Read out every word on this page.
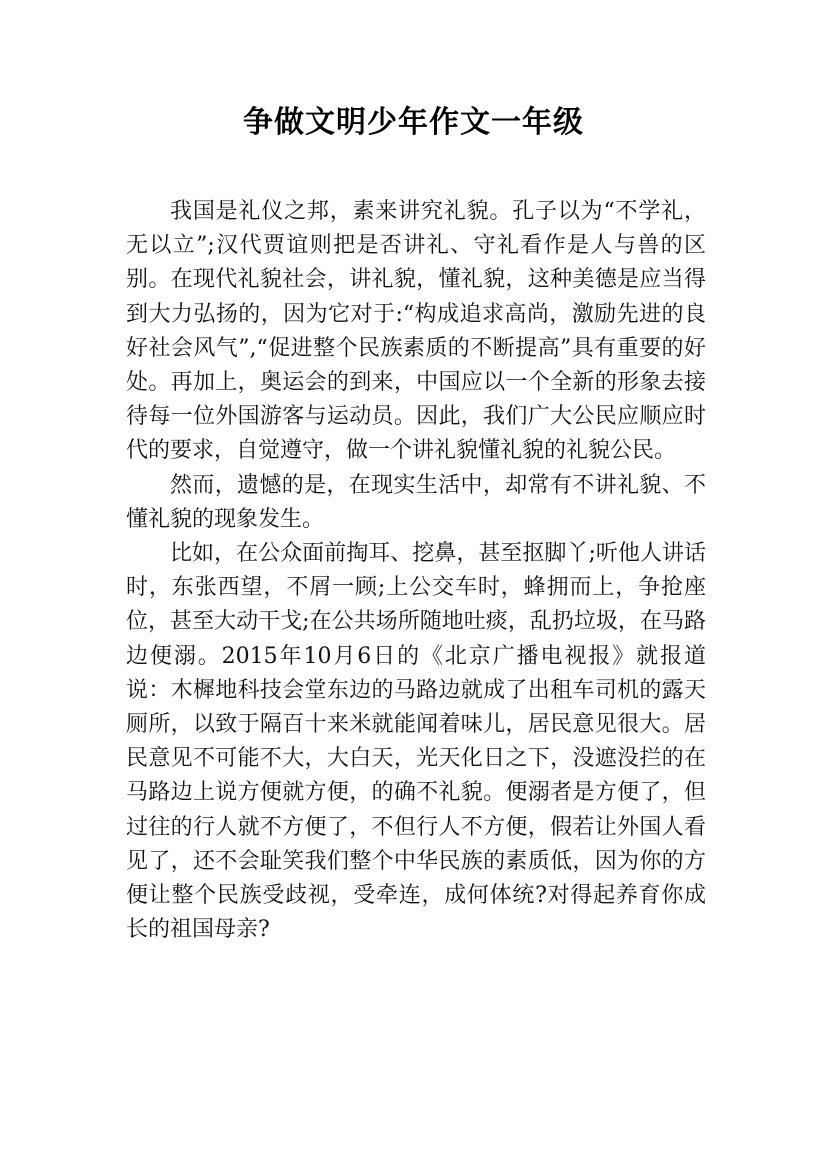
争做文明少年作文一年级

我国是礼仪之邦，素来讲究礼貌。孔子以为“不学礼，无以立”;汉代贾谊则把是否讲礼、守礼看作是人与兽的区别。在现代礼貌社会，讲礼貌，懂礼貌，这种美德是应当得到大力弘扬的，因为它对于:“构成追求高尚，激励先进的良好社会风气”,“促进整个民族素质的不断提高”具有重要的好处。再加上，奥运会的到来，中国应以一个全新的形象去接待每一位外国游客与运动员。因此，我们广大公民应顺应时代的要求，自觉遵守，做一个讲礼貌懂礼貌的礼貌公民。

然而，遗憾的是，在现实生活中，却常有不讲礼貌、不懂礼貌的现象发生。

比如，在公众面前掏耳、挖鼻，甚至抠脚丫;听他人讲话时，东张西望，不屑一顾;上公交车时，蜂拥而上，争抢座位，甚至大动干戈;在公共场所随地吐痰，乱扔垃圾，在马路边便溺。2015年10月6日的《北京广播电视报》就报道说：木樨地科技会堂东边的马路边就成了出租车司机的露天厕所，以致于隔百十来米就能闻着味儿，居民意见很大。居民意见不可能不大，大白天，光天化日之下，没遮没拦的在马路边上说方便就方便，的确不礼貌。便溺者是方便了，但过往的行人就不方便了，不但行人不方便，假若让外国人看见了，还不会耻笑我们整个中华民族的素质低，因为你的方便让整个民族受歧视，受牵连，成何体统?对得起养育你成长的祖国母亲?
